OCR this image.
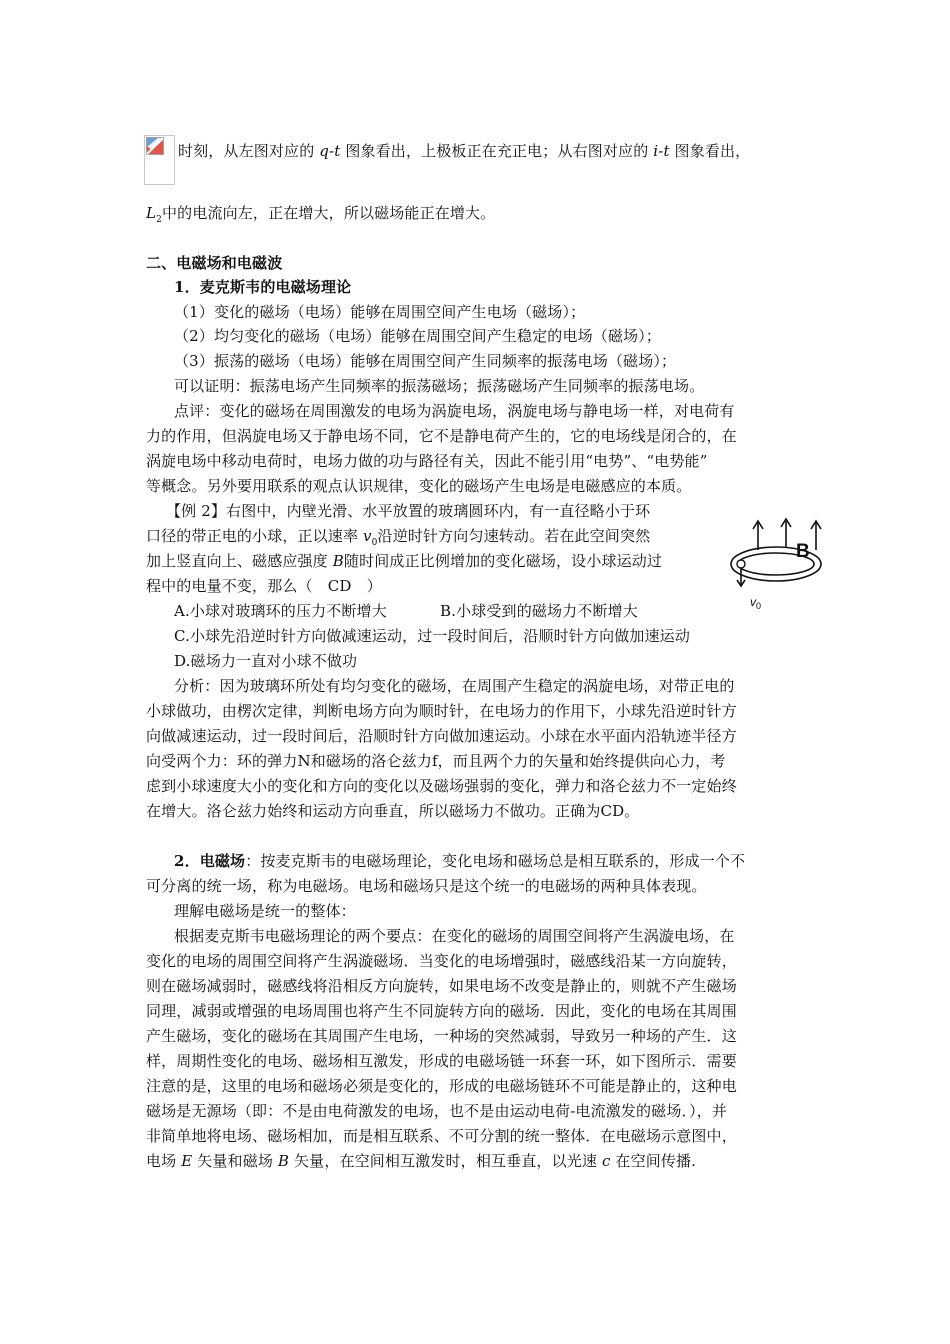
时刻，从左图对应的 q-t 图象看出，上极板正在充正电；从右图对应的 i-t 图象看出，
$L_2$中的电流向左，正在增大，所以磁场能正在增大。
二、电磁场和电磁波
1．麦克斯韦的电磁场理论
（1）变化的磁场（电场）能够在周围空间产生电场（磁场）；
（2）均匀变化的磁场（电场）能够在周围空间产生稳定的电场（磁场）；
（3）振荡的磁场（电场）能够在周围空间产生同频率的振荡电场（磁场）；
可以证明：振荡电场产生同频率的振荡磁场；振荡磁场产生同频率的振荡电场。
点评：变化的磁场在周围激发的电场为涡旋电场，涡旋电场与静电场一样，对电荷有
力的作用，但涡旋电场又于静电场不同，它不是静电荷产生的，它的电场线是闭合的，在
涡旋电场中移动电荷时，电场力做的功与路径有关，因此不能引用“电势”、“电势能”
等概念。另外要用联系的观点认识规律，变化的磁场产生电场是电磁感应的本质。
【例 2】右图中，内壁光滑、水平放置的玻璃圆环内，有一直径略小于环
口径的带正电的小球，正以速率 $v_0$沿逆时针方向匀速转动。若在此空间突然
加上竖直向上、磁感应强度 B随时间成正比例增加的变化磁场，设小球运动过
程中的电量不变，那么（　CD　）
A.小球对玻璃环的压力不断增大	B.小球受到的磁场力不断增大
C.小球先沿逆时针方向做减速运动，过一段时间后，沿顺时针方向做加速运动
D.磁场力一直对小球不做功
B
$v_0$
分析：因为玻璃环所处有均匀变化的磁场，在周围产生稳定的涡旋电场，对带正电的
小球做功，由楞次定律，判断电场方向为顺时针，在电场力的作用下，小球先沿逆时针方
向做减速运动，过一段时间后，沿顺时针方向做加速运动。小球在水平面内沿轨迹半径方
向受两个力：环的弹力N和磁场的洛仑兹力f，而且两个力的矢量和始终提供向心力，考
虑到小球速度大小的变化和方向的变化以及磁场强弱的变化，弹力和洛仑兹力不一定始终
在增大。洛仑兹力始终和运动方向垂直，所以磁场力不做功。正确为CD。
2．电磁场：按麦克斯韦的电磁场理论，变化电场和磁场总是相互联系的，形成一个不
可分离的统一场，称为电磁场。电场和磁场只是这个统一的电磁场的两种具体表现。
理解电磁场是统一的整体：
根据麦克斯韦电磁场理论的两个要点：在变化的磁场的周围空间将产生涡漩电场，在
变化的电场的周围空间将产生涡漩磁场．当变化的电场增强时，磁感线沿某一方向旋转，
则在磁场减弱时，磁感线将沿相反方向旋转，如果电场不改变是静止的，则就不产生磁场
同理，减弱或增强的电场周围也将产生不同旋转方向的磁场．因此，变化的电场在其周围
产生磁场，变化的磁场在其周围产生电场，一种场的突然减弱，导致另一种场的产生．这
样，周期性变化的电场、磁场相互激发，形成的电磁场链一环套一环，如下图所示．需要
注意的是，这里的电场和磁场必须是变化的，形成的电磁场链环不可能是静止的，这种电
磁场是无源场（即：不是由电荷激发的电场，也不是由运动电荷-电流激发的磁场．），并
非简单地将电场、磁场相加，而是相互联系、不可分割的统一整体．在电磁场示意图中，
电场 E 矢量和磁场 B 矢量，在空间相互激发时，相互垂直，以光速 c 在空间传播.
